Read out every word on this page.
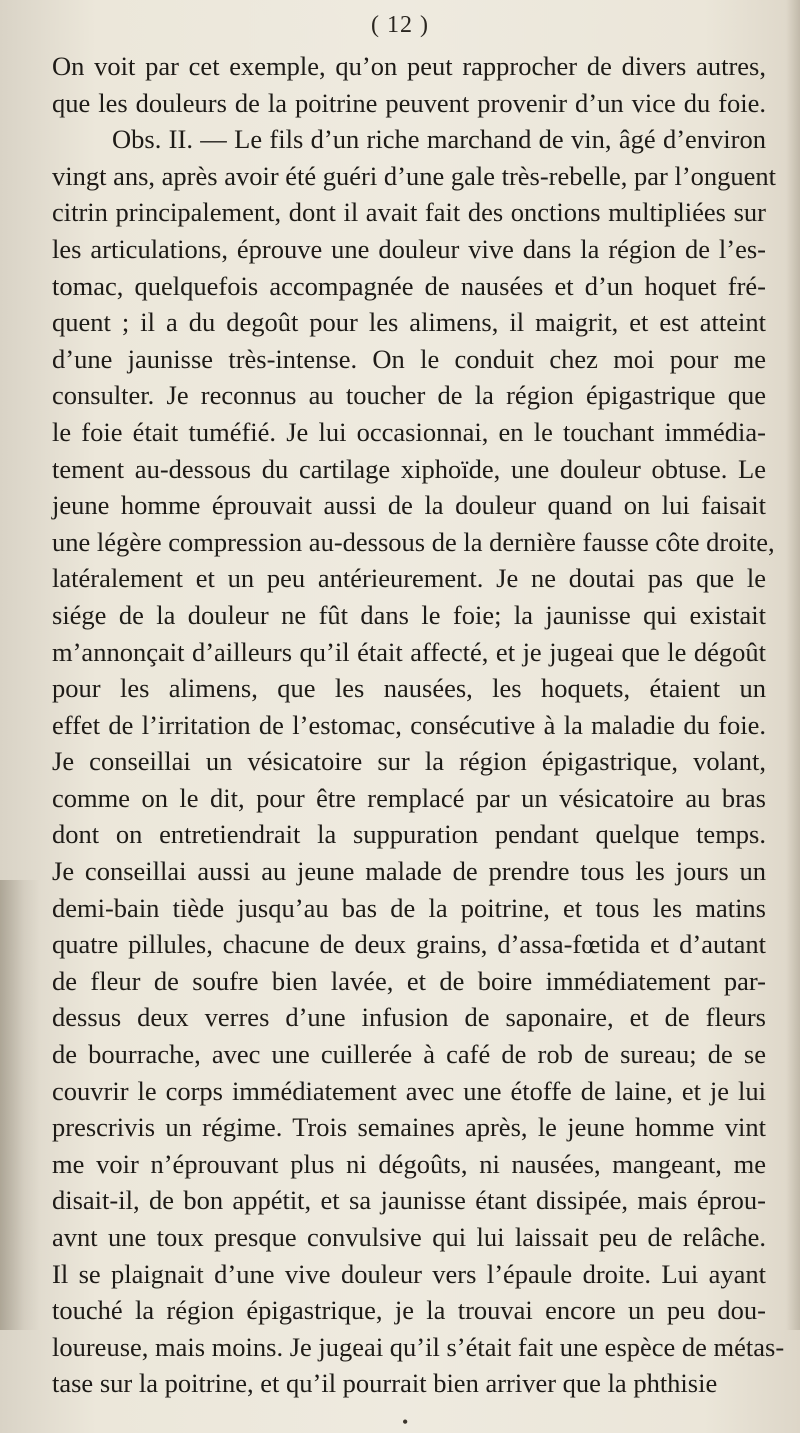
( 12 )
On voit par cet exemple, qu’on peut rapprocher de divers autres,
que les douleurs de la poitrine peuvent provenir d’un vice du foie.
Obs. II. — Le fils d’un riche marchand de vin, âgé d’environ
vingt ans, après avoir été guéri d’une gale très-rebelle, par l’onguent
citrin principalement, dont il avait fait des onctions multipliées sur
les articulations, éprouve une douleur vive dans la région de l’es-
tomac, quelquefois accompagnée de nausées et d’un hoquet fré-
quent ; il a du degoût pour les alimens, il maigrit, et est atteint
d’une jaunisse très-intense. On le conduit chez moi pour me
consulter. Je reconnus au toucher de la région épigastrique que
le foie était tuméfié. Je lui occasionnai, en le touchant immédia-
tement au-dessous du cartilage xiphoïde, une douleur obtuse. Le
jeune homme éprouvait aussi de la douleur quand on lui faisait
une légère compression au-dessous de la dernière fausse côte droite,
latéralement et un peu antérieurement. Je ne doutai pas que le
siége de la douleur ne fût dans le foie; la jaunisse qui existait
m’annonçait d’ailleurs qu’il était affecté, et je jugeai que le dégoût
pour les alimens, que les nausées, les hoquets, étaient un
effet de l’irritation de l’estomac, consécutive à la maladie du foie.
Je conseillai un vésicatoire sur la région épigastrique, volant,
comme on le dit, pour être remplacé par un vésicatoire au bras
dont on entretiendrait la suppuration pendant quelque temps.
Je conseillai aussi au jeune malade de prendre tous les jours un
demi-bain tiède jusqu’au bas de la poitrine, et tous les matins
quatre pillules, chacune de deux grains, d’assa-fœtida et d’autant
de fleur de soufre bien lavée, et de boire immédiatement par-
dessus deux verres d’une infusion de saponaire, et de fleurs
de bourrache, avec une cuillerée à café de rob de sureau; de se
couvrir le corps immédiatement avec une étoffe de laine, et je lui
prescrivis un régime. Trois semaines après, le jeune homme vint
me voir n’éprouvant plus ni dégoûts, ni nausées, mangeant, me
disait-il, de bon appétit, et sa jaunisse étant dissipée, mais éprou-
avnt une toux presque convulsive qui lui laissait peu de relâche.
Il se plaignait d’une vive douleur vers l’épaule droite. Lui ayant
touché la région épigastrique, je la trouvai encore un peu dou-
loureuse, mais moins. Je jugeai qu’il s’était fait une espèce de métas-
tase sur la poitrine, et qu’il pourrait bien arriver que la phthisie
•
